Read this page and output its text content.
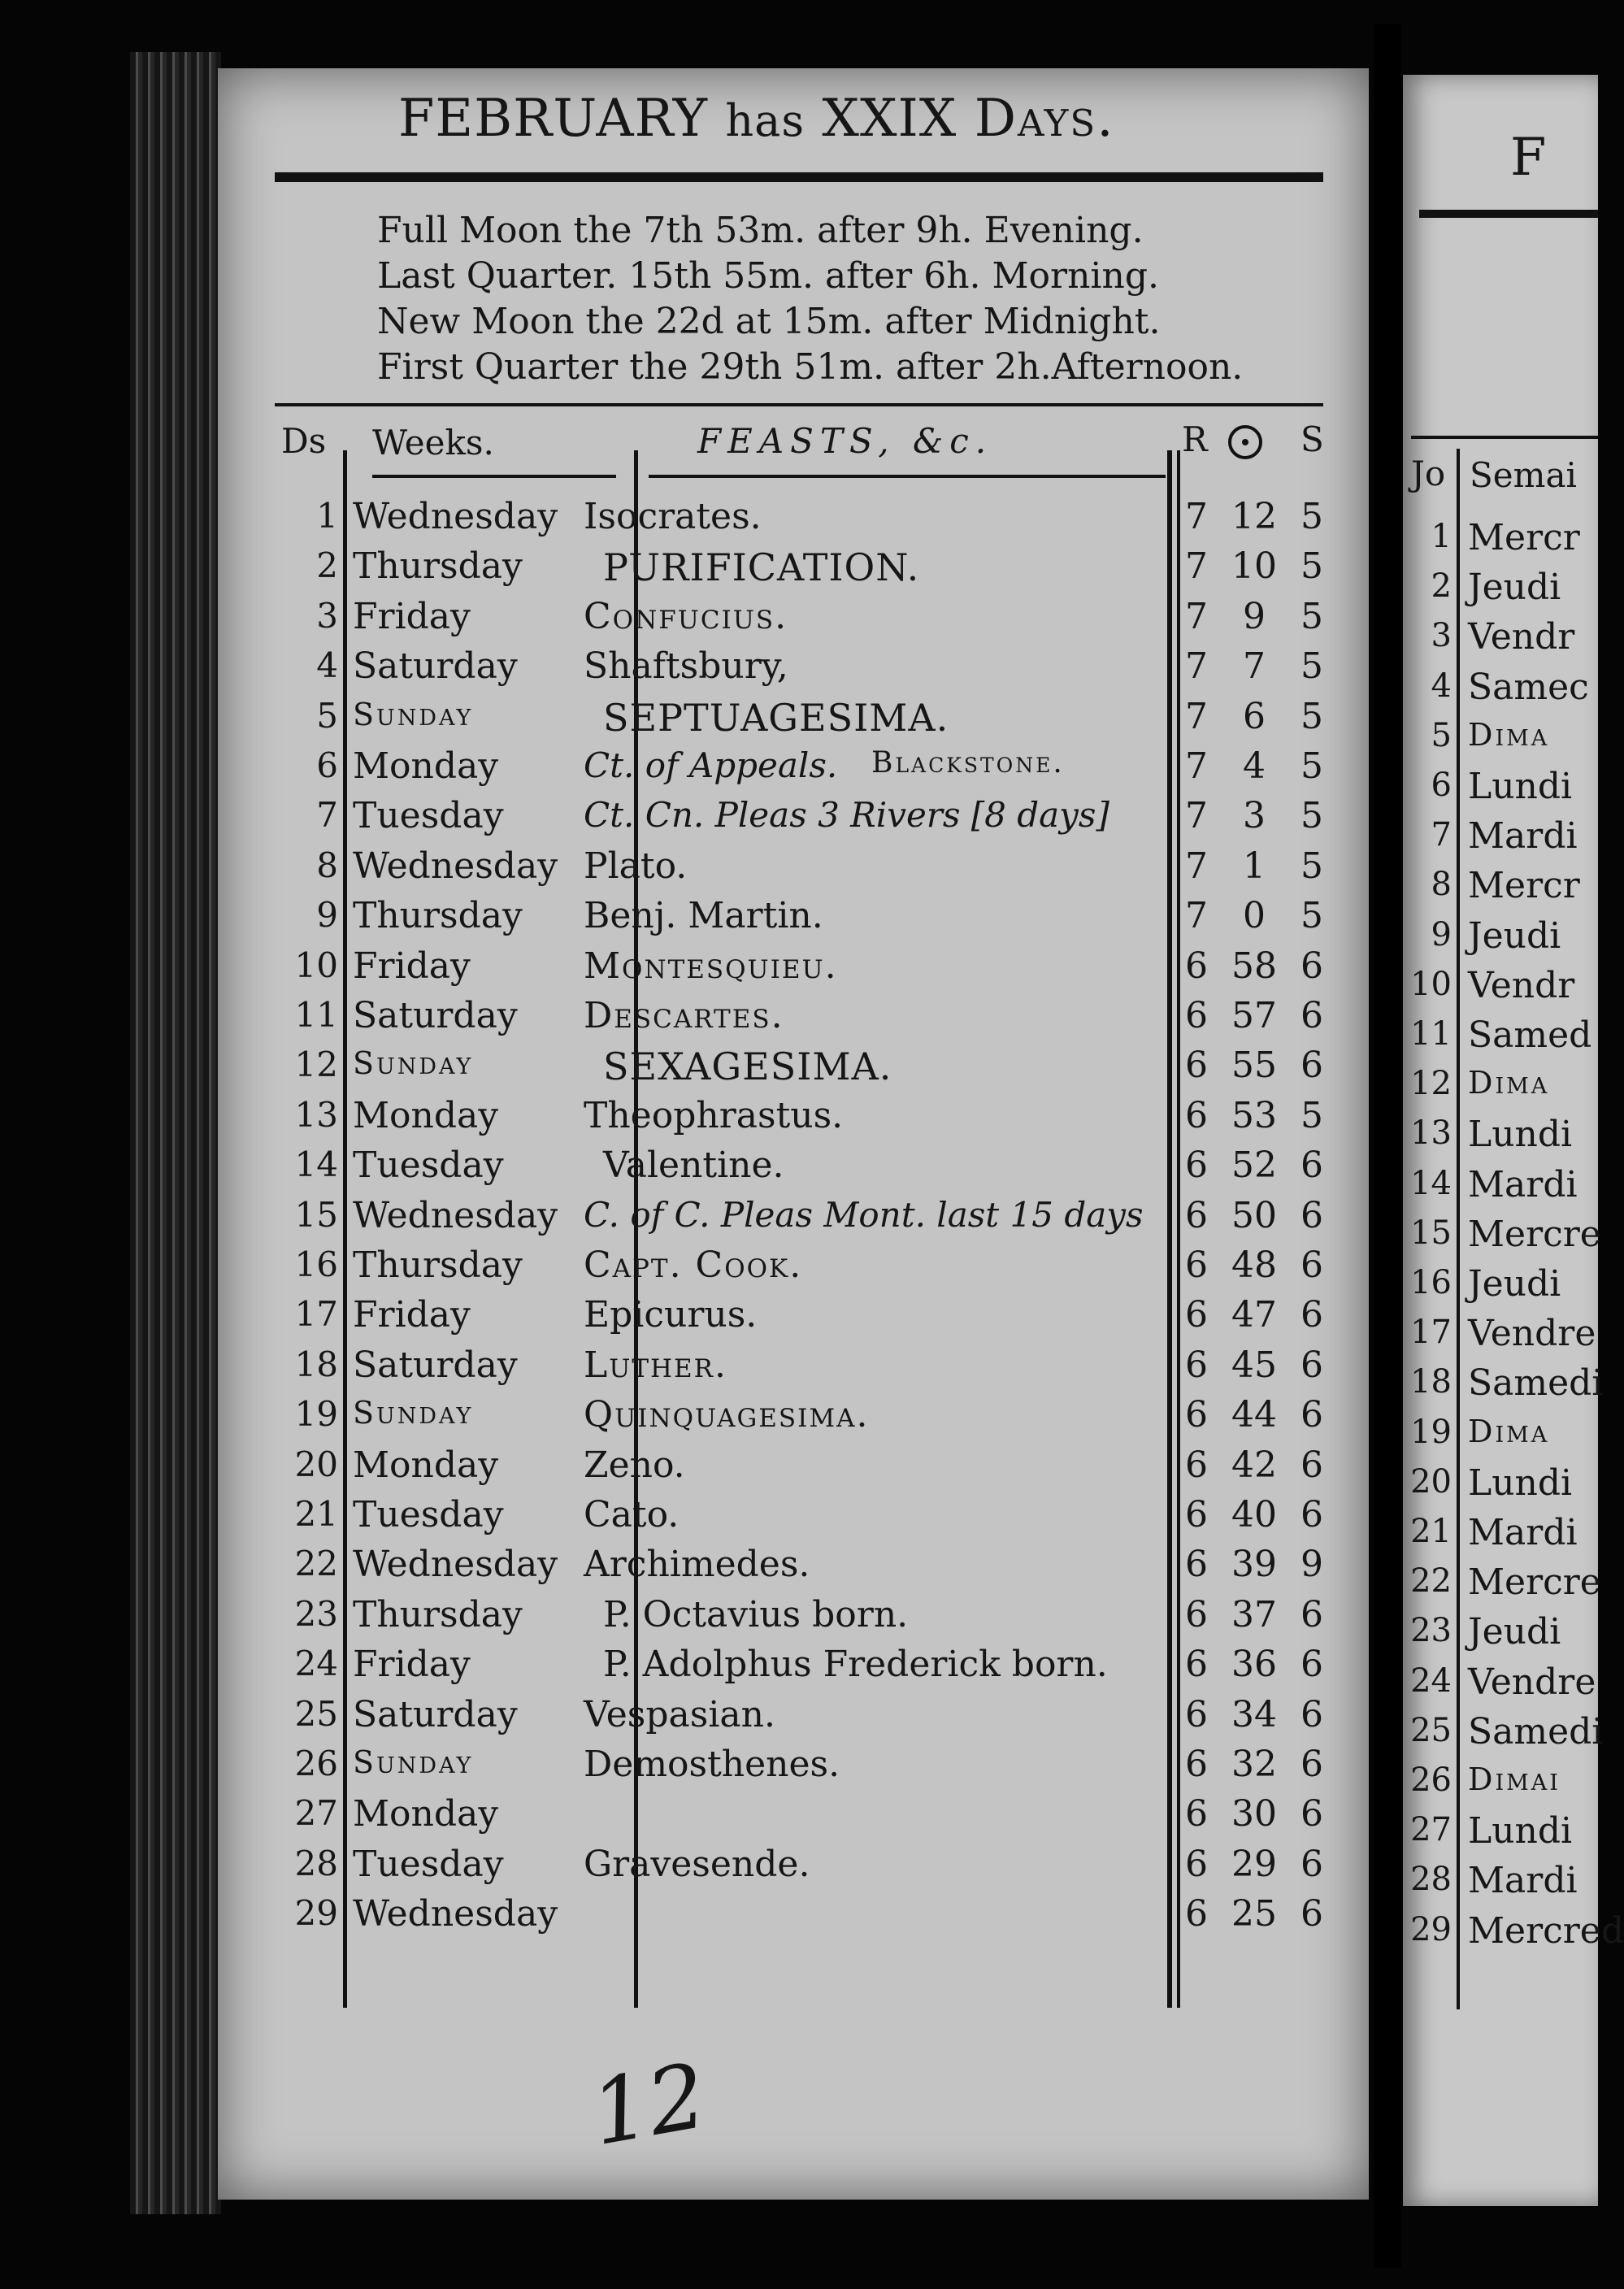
FEBRUARY has XXIX Days.
Full Moon the 7th 53m. after 9h. Evening.
Last Quarter. 15th 55m. after 6h. Morning.
New Moon the 22d at 15m. after Midnight.
First Quarter the 29th 51m. after 2h.Afternoon.
Ds Weeks.	FEASTS, &c.	R	S
1 Wednesday Isocrates.	7 12 5
2 Thursday PURIFICATION.	7 10 5
3 Friday	Confucius.	7 9 5
4 Saturday Shaftsbury,	7 7 5
5 Sunday	SEPTUAGESIMA.	7 6 5
6 Monday Ct. of Appeals. Blackstone.	7 4 5
7 Tuesday Ct. Cn. Pleas 3 Rivers [8 days] 7 3 5
8 Wednesday Plato.	7 1 5
9 Thursday Benj. Martin.	7 0 5
10 Friday	Montesquieu.	6 58 6
11 Saturday Descartes.	6 57 6
12 Sunday	SEXAGESIMA.	6 55 6
13 Monday Theophrastus.	6 53 5
14 Tuesday	Valentine.	6 52 6
15 Wednesday C. of C. Pleas Mont. last 15 days 6 50 6
16 Thursday Capt. Cook.	6 48 6
17 Friday	Epicurus.	6 47 6
18 Saturday Luther.	6 45 6
19 Sunday	Quinquagesima.	6 44 6
20 Monday Zeno.	6 42 6
21 Tuesday Cato.	6 40 6
22 Wednesday Archimedes.	6 39 9
23 Thursday P. Octavius born.	6 37 6
24 Friday	P. Adolphus Frederick born. 6 36 6
25 Saturday Vespasian.	6 34 6
26 Sunday	Demosthenes.	6 32 6
27 Monday	6 30 6
28 Tuesday Gravesende.	6 29 6
29 Wednesday	6 25 6
12
F
Jo Semai
1 Mercr
2 Jeudi
3 Vendr
4 Samec
5 Dima
6 Lundi
7 Mardi
8 Mercr
9 Jeudi
10 Vendr
11 Samed
12 Dima
13 Lundi
14 Mardi
15 Mercre
16 Jeudi
17 Vendre
18 Samedi
19 Dima
20 Lundi
21 Mardi
22 Mercre
23 Jeudi
24 Vendre
25 Samedi
26 Dimai
27 Lundi
28 Mardi
29 Mercred
